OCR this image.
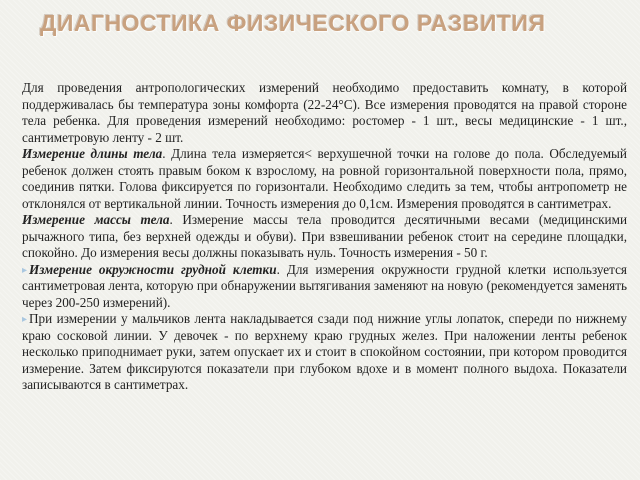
ДИАГНОСТИКА ФИЗИЧЕСКОГО РАЗВИТИЯ

Для проведения антропологических измерений необходимо предоставить комнату, в которой поддерживалась бы температура зоны комфорта (22-24°С). Все измерения проводятся на правой стороне тела ребенка. Для проведения измерений необходимо: ростомер - 1 шт., весы медицинские - 1 шт., сантиметровую ленту - 2 шт.

Измерение длины тела. Длина тела измеряется< верхушечной точки на голове до пола. Обследуемый ребенок должен стоять правым боком к взрослому, на ровной горизонтальной поверхности пола, прямо, соединив пятки. Голова фиксируется по горизонтали. Необходимо следить за тем, чтобы антропометр не отклонялся от вертикальной линии. Точность измерения до 0,1см. Измерения проводятся в сантиметрах.

Измерение массы тела. Измерение массы тела проводится десятичными весами (медицинскими рычажного типа, без верхней одежды и обуви). При взвешивании ребенок стоит на середине площадки, спокойно. До измерения весы должны показывать нуль. Точность измерения - 50 г.

▸ Измерение окружности грудной клетки. Для измерения окружности грудной клетки используется сантиметровая лента, которую при обнаружении вытягивания заменяют на новую (рекомендуется заменять через 200-250 измерений).

▸ При измерении у мальчиков лента накладывается сзади под нижние углы лопаток, спереди по нижнему краю сосковой линии. У девочек - по верхнему краю грудных желез. При наложении ленты ребенок несколько приподнимает руки, затем опускает их и стоит в спокойном состоянии, при котором проводится измерение. Затем фиксируются показатели при глубоком вдохе и в момент полного выдоха. Показатели записываются в сантиметрах.
